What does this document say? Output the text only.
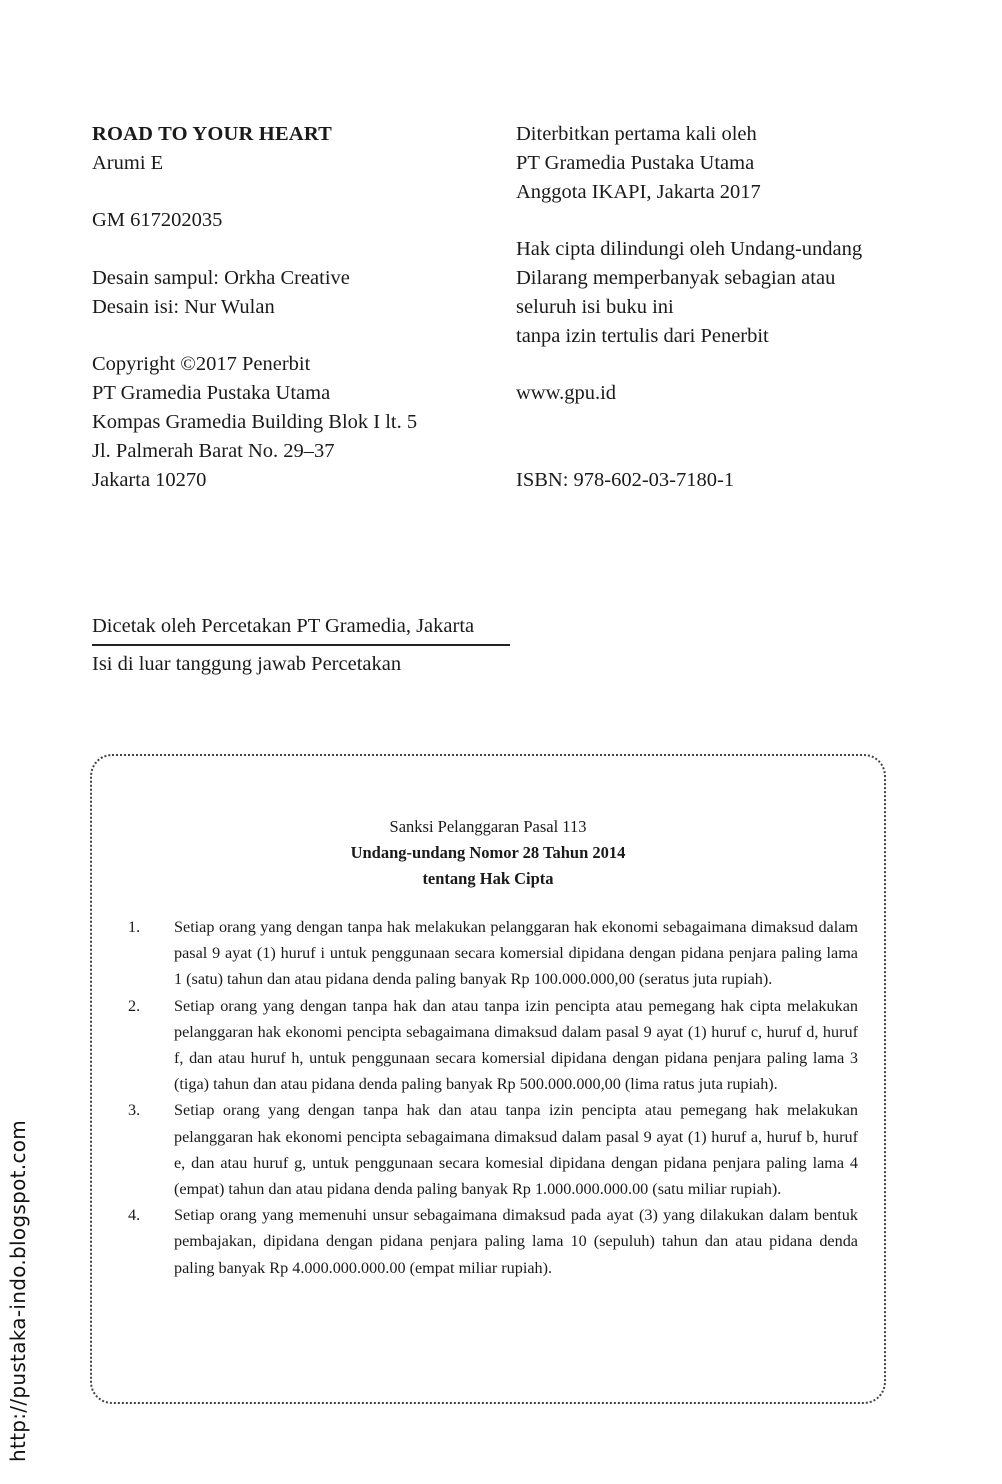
ROAD TO YOUR HEART
Arumi E
GM 617202035
Desain sampul: Orkha Creative
Desain isi: Nur Wulan
Copyright ©2017 Penerbit
PT Gramedia Pustaka Utama
Kompas Gramedia Building Blok I lt. 5
Jl. Palmerah Barat No. 29–37
Jakarta 10270
Diterbitkan pertama kali oleh
PT Gramedia Pustaka Utama
Anggota IKAPI, Jakarta 2017
Hak cipta dilindungi oleh Undang-undang
Dilarang memperbanyak sebagian atau
seluruh isi buku ini
tanpa izin tertulis dari Penerbit
www.gpu.id
ISBN: 978-602-03-7180-1
Dicetak oleh Percetakan PT Gramedia, Jakarta
Isi di luar tanggung jawab Percetakan
Sanksi Pelanggaran Pasal 113
Undang-undang Nomor 28 Tahun 2014
tentang Hak Cipta
1.	Setiap orang yang dengan tanpa hak melakukan pelanggaran hak ekonomi sebagaimana dimaksud dalam pasal 9 ayat (1) huruf i untuk penggunaan secara komersial dipidana dengan pidana penjara paling lama 1 (satu) tahun dan atau pidana denda paling banyak Rp 100.000.000,00 (seratus juta rupiah).
2.	Setiap orang yang dengan tanpa hak dan atau tanpa izin pencipta atau pemegang hak cipta melakukan pelanggaran hak ekonomi pencipta sebagaimana dimaksud dalam pasal 9 ayat (1) huruf c, huruf d, huruf f, dan atau huruf h, untuk penggunaan secara komersial dipidana dengan pidana penjara paling lama 3 (tiga) tahun dan atau pidana denda paling banyak Rp 500.000.000,00 (lima ratus juta rupiah).
3.	Setiap orang yang dengan tanpa hak dan atau tanpa izin pencipta atau pemegang hak melakukan pelanggaran hak ekonomi pencipta sebagaimana dimaksud dalam pasal 9 ayat (1) huruf a, huruf b, huruf e, dan atau huruf g, untuk penggunaan secara komesial dipidana dengan pidana penjara paling lama 4 (empat) tahun dan atau pidana denda paling banyak Rp 1.000.000.000.00 (satu miliar rupiah).
4.	Setiap orang yang memenuhi unsur sebagaimana dimaksud pada ayat (3) yang dilakukan dalam bentuk pembajakan, dipidana dengan pidana penjara paling lama 10 (sepuluh) tahun dan atau pidana denda paling banyak Rp 4.000.000.000.00 (empat miliar rupiah).
http://pustaka-indo.blogspot.com
